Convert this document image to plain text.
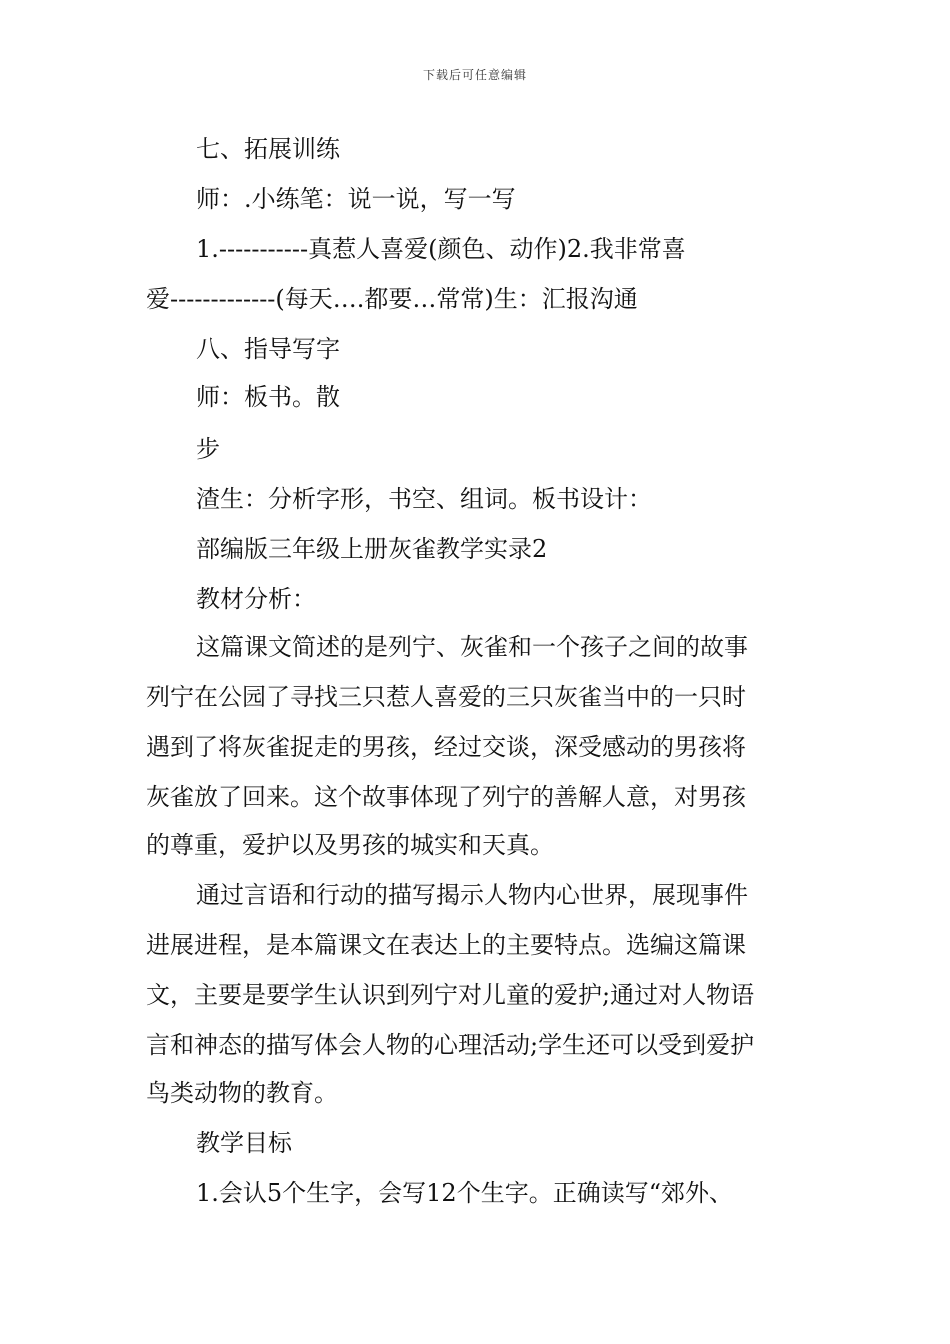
下载后可任意编辑
七、拓展训练
师：.小练笔：说一说，写一写
1.-----------真惹人喜爱(颜色、动作)2.我非常喜
爱-------------(每天….都要…常常)生：汇报沟通
八、指导写字
师：板书。散
步
渣生：分析字形，书空、组词。板书设计：
部编版三年级上册灰雀教学实录2
教材分析：
这篇课文简述的是列宁、灰雀和一个孩子之间的故事
列宁在公园了寻找三只惹人喜爱的三只灰雀当中的一只时
遇到了将灰雀捉走的男孩，经过交谈，深受感动的男孩将
灰雀放了回来。这个故事体现了列宁的善解人意，对男孩
的尊重，爱护以及男孩的城实和天真。
通过言语和行动的描写揭示人物内心世界，展现事件
进展进程，是本篇课文在表达上的主要特点。选编这篇课
文，主要是要学生认识到列宁对儿童的爱护;通过对人物语
言和神态的描写体会人物的心理活动;学生还可以受到爱护
鸟类动物的教育。
教学目标
1.会认5个生字，会写12个生字。正确读写“郊外、
